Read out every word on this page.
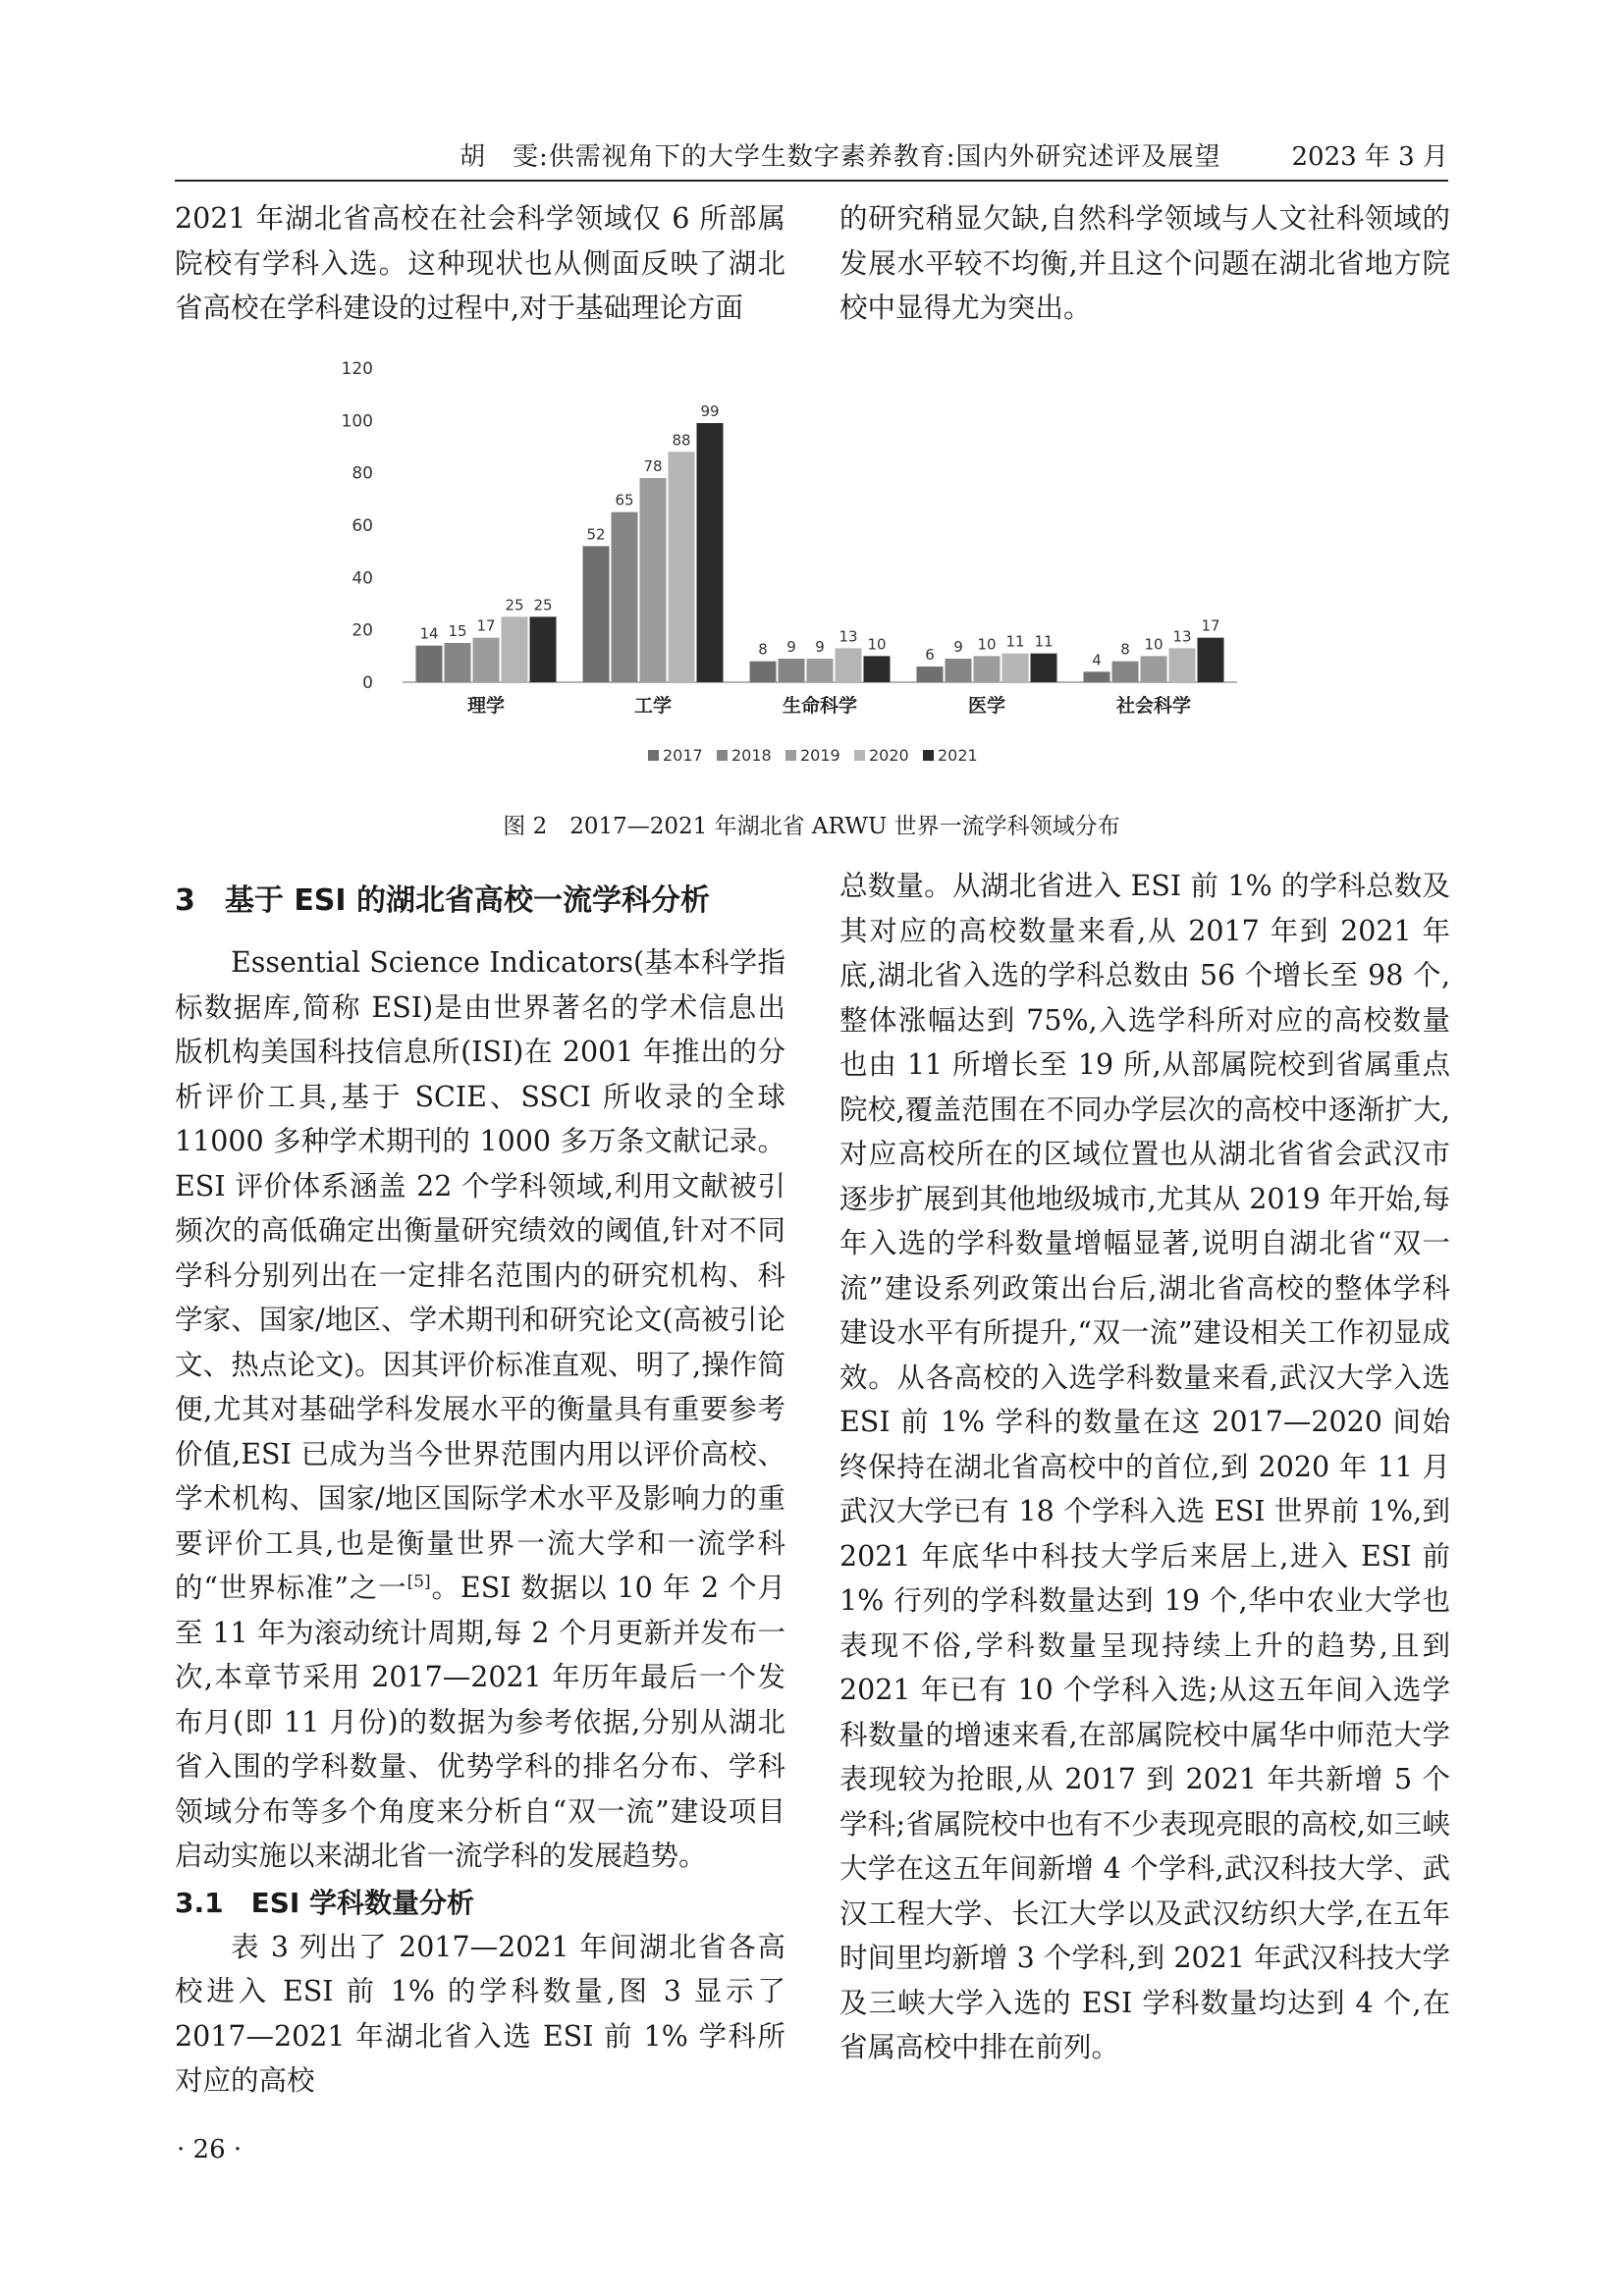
胡　雯:供需视角下的大学生数字素养教育:国内外研究述评及展望	2023 年 3 月

2021 年湖北省高校在社会科学领域仅 6 所部属院校有学科入选。这种现状也从侧面反映了湖北省高校在学科建设的过程中,对于基础理论方面

的研究稍显欠缺,自然科学领域与人文社科领域的发展水平较不均衡,并且这个问题在湖北省地方院校中显得尤为突出。

0
20
40
60
80
100
120
14 15 17
25 25
理学
52
65
78
88
99
工学
8 9 9
13 10
生命科学
6 9 10 11 11
医学
4
8 10 13
17
社会科学
2017 2018 2019 2020 2021
图 2　2017—2021 年湖北省 ARWU 世界一流学科领域分布

3　基于 ESI 的湖北省高校一流学科分析

Essential Science Indicators(基本科学指标数据库,简称 ESI)是由世界著名的学术信息出版机构美国科技信息所(ISI)在 2001 年推出的分析评价工具,基于 SCIE、SSCI 所收录的全球 11000 多种学术期刊的 1000 多万条文献记录。ESI 评价体系涵盖 22 个学科领域,利用文献被引频次的高低确定出衡量研究绩效的阈值,针对不同学科分别列出在一定排名范围内的研究机构、科学家、国家/地区、学术期刊和研究论文(高被引论文、热点论文)。因其评价标准直观、明了,操作简便,尤其对基础学科发展水平的衡量具有重要参考价值,ESI 已成为当今世界范围内用以评价高校、学术机构、国家/地区国际学术水平及影响力的重要评价工具,也是衡量世界一流大学和一流学科的“世界标准”之一[5]。ESI 数据以 10 年 2 个月至 11 年为滚动统计周期,每 2 个月更新并发布一次,本章节采用 2017—2021 年历年最后一个发布月(即 11 月份)的数据为参考依据,分别从湖北省入围的学科数量、优势学科的排名分布、学科领域分布等多个角度来分析自“双一流”建设项目启动实施以来湖北省一流学科的发展趋势。

3.1　ESI 学科数量分析

表 3 列出了 2017—2021 年间湖北省各高校进入 ESI 前 1% 的学科数量,图 3 显示了 2017—2021 年湖北省入选 ESI 前 1% 学科所对应的高校

总数量。从湖北省进入 ESI 前 1% 的学科总数及其对应的高校数量来看,从 2017 年到 2021 年底,湖北省入选的学科总数由 56 个增长至 98 个,整体涨幅达到 75%,入选学科所对应的高校数量也由 11 所增长至 19 所,从部属院校到省属重点院校,覆盖范围在不同办学层次的高校中逐渐扩大,对应高校所在的区域位置也从湖北省省会武汉市逐步扩展到其他地级城市,尤其从 2019 年开始,每年入选的学科数量增幅显著,说明自湖北省“双一流”建设系列政策出台后,湖北省高校的整体学科建设水平有所提升,“双一流”建设相关工作初显成效。从各高校的入选学科数量来看,武汉大学入选 ESI 前 1% 学科的数量在这 2017—2020 间始终保持在湖北省高校中的首位,到 2020 年 11 月武汉大学已有 18 个学科入选 ESI 世界前 1%,到 2021 年底华中科技大学后来居上,进入 ESI 前 1% 行列的学科数量达到 19 个,华中农业大学也表现不俗,学科数量呈现持续上升的趋势,且到 2021 年已有 10 个学科入选;从这五年间入选学科数量的增速来看,在部属院校中属华中师范大学表现较为抢眼,从 2017 到 2021 年共新增 5 个学科;省属院校中也有不少表现亮眼的高校,如三峡大学在这五年间新增 4 个学科,武汉科技大学、武汉工程大学、长江大学以及武汉纺织大学,在五年时间里均新增 3 个学科,到 2021 年武汉科技大学及三峡大学入选的 ESI 学科数量均达到 4 个,在省属高校中排在前列。

· 26 ·
